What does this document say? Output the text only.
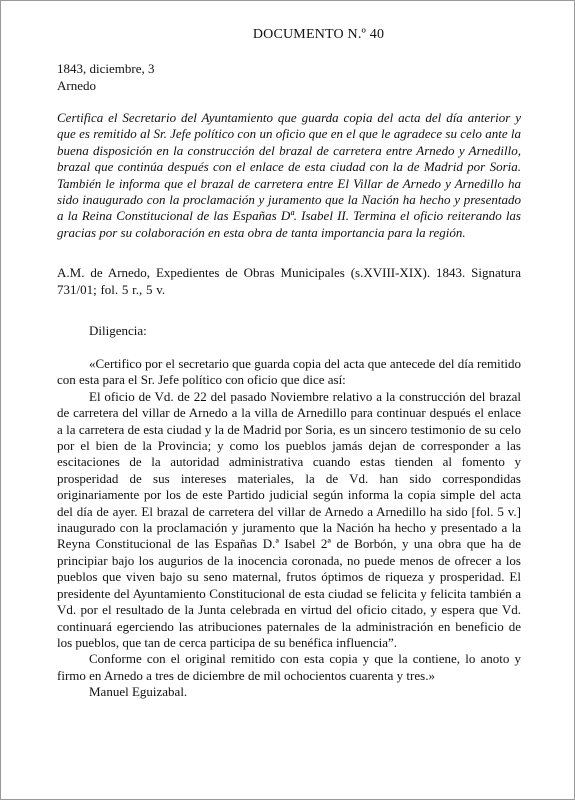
DOCUMENTO N.º 40
1843, diciembre, 3
Arnedo

Certifica el Secretario del Ayuntamiento que guarda copia del acta del día anterior y que es remitido al Sr. Jefe político con un oficio que en el que le agradece su celo ante la buena disposición en la construcción del brazal de carretera entre Arnedo y Arnedillo, brazal que continúa después con el enlace de esta ciudad con la de Madrid por Soria. También le informa que el brazal de carretera entre El Villar de Arnedo y Arnedillo ha sido inaugurado con la proclamación y juramento que la Nación ha hecho y presentado a la Reina Constitucional de las Españas Dª. Isabel II. Termina el oficio reiterando las gracias por su colaboración en esta obra de tanta importancia para la región.

A.M. de Arnedo, Expedientes de Obras Municipales (s.XVIII-XIX). 1843. Signatura 731/01; fol. 5 r., 5 v.

Diligencia:

«Certifico por el secretario que guarda copia del acta que antecede del día remitido con esta para el Sr. Jefe político con oficio que dice así:

El oficio de Vd. de 22 del pasado Noviembre relativo a la construcción del brazal de carretera del villar de Arnedo a la villa de Arnedillo para continuar después el enlace a la carretera de esta ciudad y la de Madrid por Soria, es un sincero testimonio de su celo por el bien de la Provincia; y como los pueblos jamás dejan de corresponder a las escitaciones de la autoridad administrativa cuando estas tienden al fomento y prosperidad de sus intereses materiales, la de Vd. han sido correspondidas originariamente por los de este Partido judicial según informa la copia simple del acta del día de ayer. El brazal de carretera del villar de Arnedo a Arnedillo ha sido [fol. 5 v.] inaugurado con la proclamación y juramento que la Nación ha hecho y presentado a la Reyna Constitucional de las Españas D.ª Isabel 2ª de Borbón, y una obra que ha de principiar bajo los augurios de la inocencia coronada, no puede menos de ofrecer a los pueblos que viven bajo su seno maternal, frutos óptimos de riqueza y prosperidad. El presidente del Ayuntamiento Constitucional de esta ciudad se felicita y felicita también a Vd. por el resultado de la Junta celebrada en virtud del oficio citado, y espera que Vd. continuará egerciendo las atribuciones paternales de la administración en beneficio de los pueblos, que tan de cerca participa de su benéfica influencia”.

Conforme con el original remitido con esta copia y que la contiene, lo anoto y firmo en Arnedo a tres de diciembre de mil ochocientos cuarenta y tres.»

Manuel Eguizabal.
